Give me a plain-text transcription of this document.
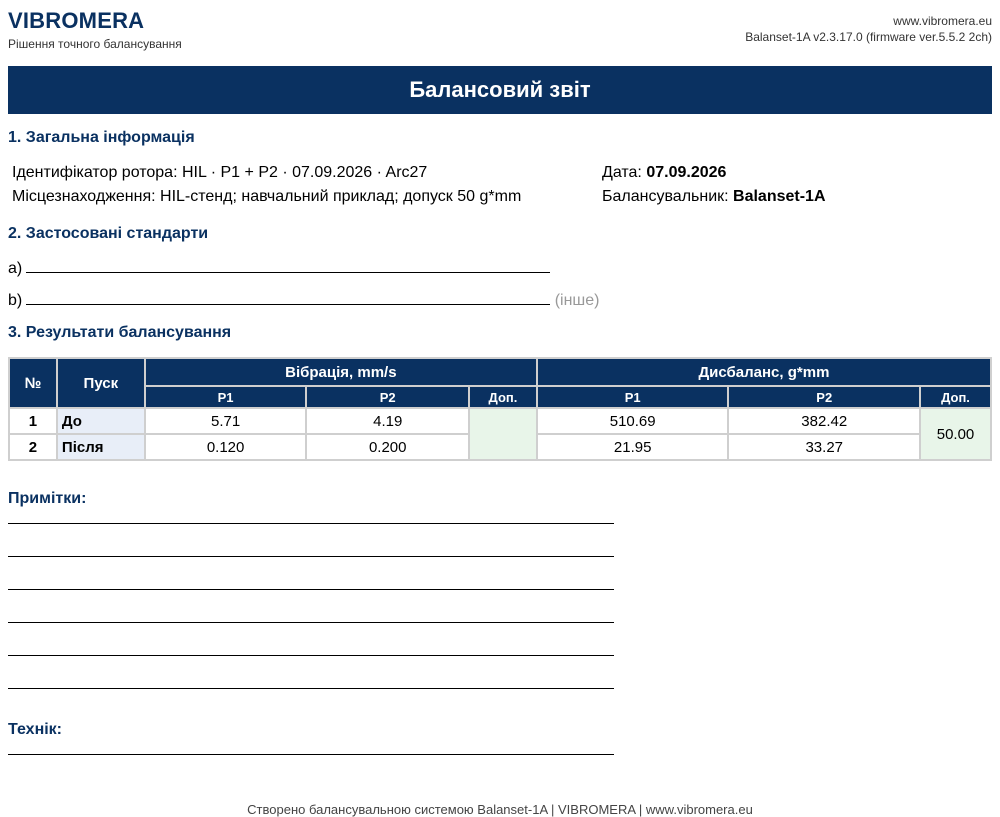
VIBROMERA
Рішення точного балансування
www.vibromera.eu
Balanset-1A v2.3.17.0 (firmware ver.5.5.2 2ch)
Балансовий звіт
1. Загальна інформація
Ідентифікатор ротора: HIL · P1 + P2 · 07.09.2026 · Arc27
Місцезнаходження: HIL-стенд; навчальний приклад; допуск 50 g*mm
Дата: 07.09.2026
Балансувальник: Balanset-1A
2. Застосовані стандарти
a)
b)	(інше)
3. Результати балансування
№	Пуск	Вібрація, mm/s			Дисбаланс, g*mm		
		P1	P2	Доп.	P1	P2	Доп.
1	До	5.71	4.19		510.69	382.42	50.00
2	Після	0.120	0.200		21.95	33.27	
Примітки:
Технік:
Створено балансувальною системою Balanset-1A | VIBROMERA | www.vibromera.eu
